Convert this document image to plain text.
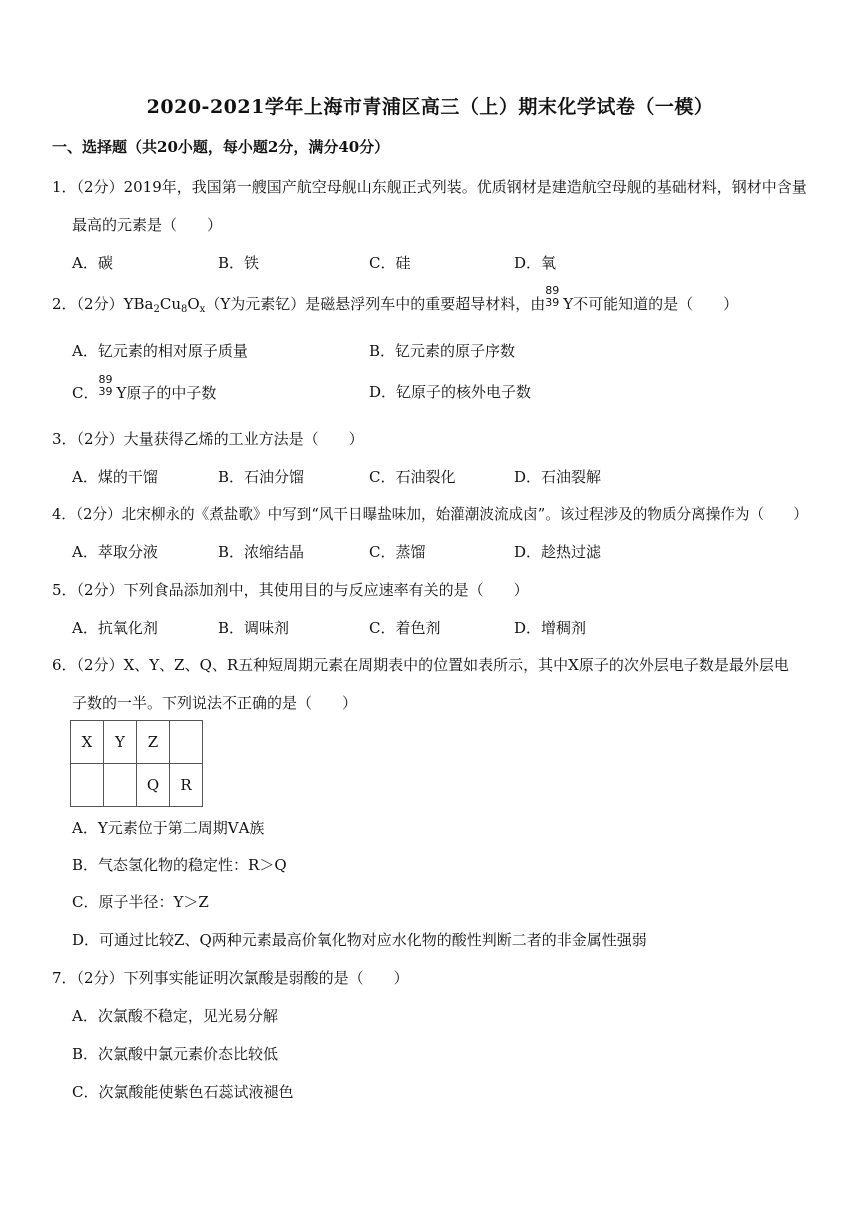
2020-2021学年上海市青浦区高三（上）期末化学试卷（一模）
一、选择题（共20小题，每小题2分，满分40分）
1．（2分）2019年，我国第一艘国产航空母舰山东舰正式列装。优质钢材是建造航空母舰的基础材料，钢材中含量
最高的元素是（　　）
A．碳	B．铁	C．硅	D．氧
2．（2分）$YBa_2Cu_8O_x(Y$为元素钇）是磁悬浮列车中的重要超导材料，由
89
39 Y不可能知道的是（　　）
A．钇元素的相对原子质量	B．钇元素的原子序数
C．
89
39 Y原子的中子数	D．钇原子的核外电子数
3．（2分）大量获得乙烯的工业方法是（　　）
A．煤的干馏	B．石油分馏	C．石油裂化	D．石油裂解
4．（2分）北宋柳永的《煮盐歌》中写到“风干日曝盐味加，始灌潮波流成卤”。该过程涉及的物质分离操作为（　　）
A．萃取分液	B．浓缩结晶	C．蒸馏	D．趁热过滤
5．（2分）下列食品添加剂中，其使用目的与反应速率有关的是（　　）
A．抗氧化剂	B．调味剂	C．着色剂	D．增稠剂
6．（2分）X、Y、Z、Q、R五种短周期元素在周期表中的位置如表所示，其中X原子的次外层电子数是最外层电
子数的一半。下列说法不正确的是（　　）
X	Y	Z	
		Q	R
A．Y元素位于第二周期ⅤA族
B．气态氢化物的稳定性：R＞Q
C．原子半径：Y＞Z
D．可通过比较Z、Q两种元素最高价氧化物对应水化物的酸性判断二者的非金属性强弱
7．（2分）下列事实能证明次氯酸是弱酸的是（　　）
A．次氯酸不稳定，见光易分解
B．次氯酸中氯元素价态比较低
C．次氯酸能使紫色石蕊试液褪色
